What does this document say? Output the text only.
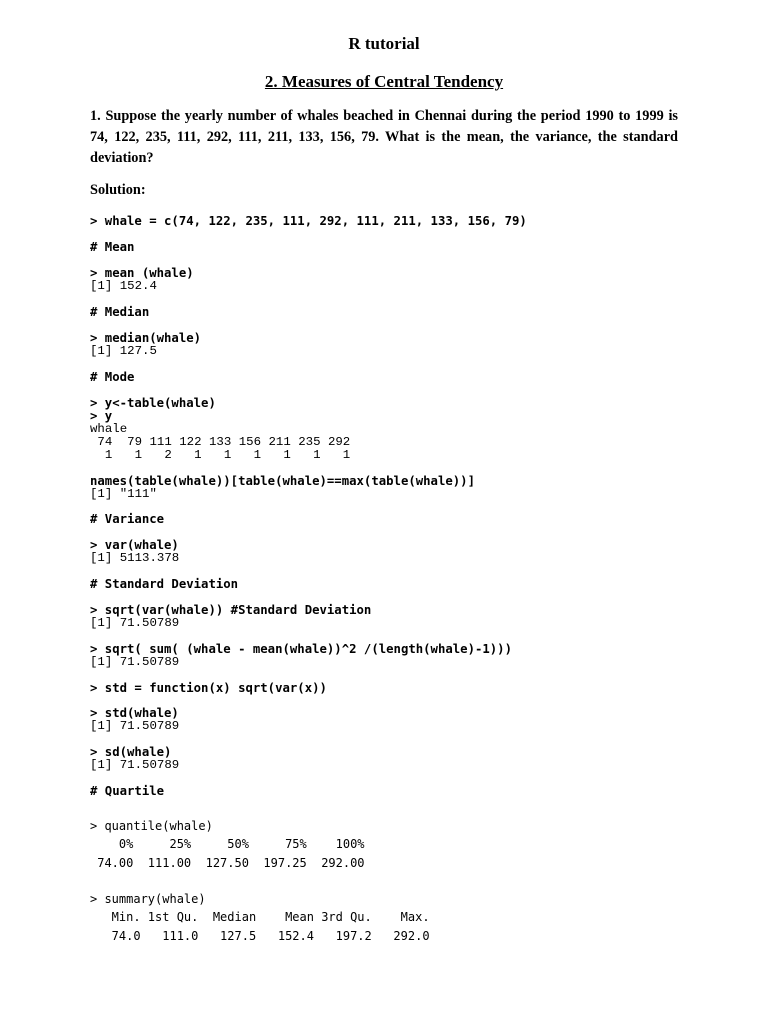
R tutorial
2. Measures of Central Tendency
1. Suppose the yearly number of whales beached in Chennai during the period 1990 to 1999 is 74, 122, 235, 111, 292, 111, 211, 133, 156, 79. What is the mean, the variance, the standard deviation?
Solution:
> whale = c(74, 122, 235, 111, 292, 111, 211, 133, 156, 79)
# Mean
> mean (whale)
[1] 152.4
# Median
> median(whale)
[1] 127.5
# Mode
> y<-table(whale)
> y
whale
74  79 111 122 133 156 211 235 292
1   1   2   1   1   1   1   1   1
names(table(whale))[table(whale)==max(table(whale))]
[1] "111"
# Variance
> var(whale)
[1] 5113.378
# Standard Deviation
> sqrt(var(whale)) #Standard Deviation
[1] 71.50789
> sqrt( sum( (whale - mean(whale))^2 /(length(whale)-1)))
[1] 71.50789
> std = function(x) sqrt(var(x))
> std(whale)
[1] 71.50789
> sd(whale)
[1] 71.50789
# Quartile
> quantile(whale)
0%     25%     50%     75%    100%
74.00  111.00  127.50  197.25  292.00
> summary(whale)
Min. 1st Qu.  Median    Mean 3rd Qu.    Max.
74.0   111.0   127.5   152.4   197.2   292.0
